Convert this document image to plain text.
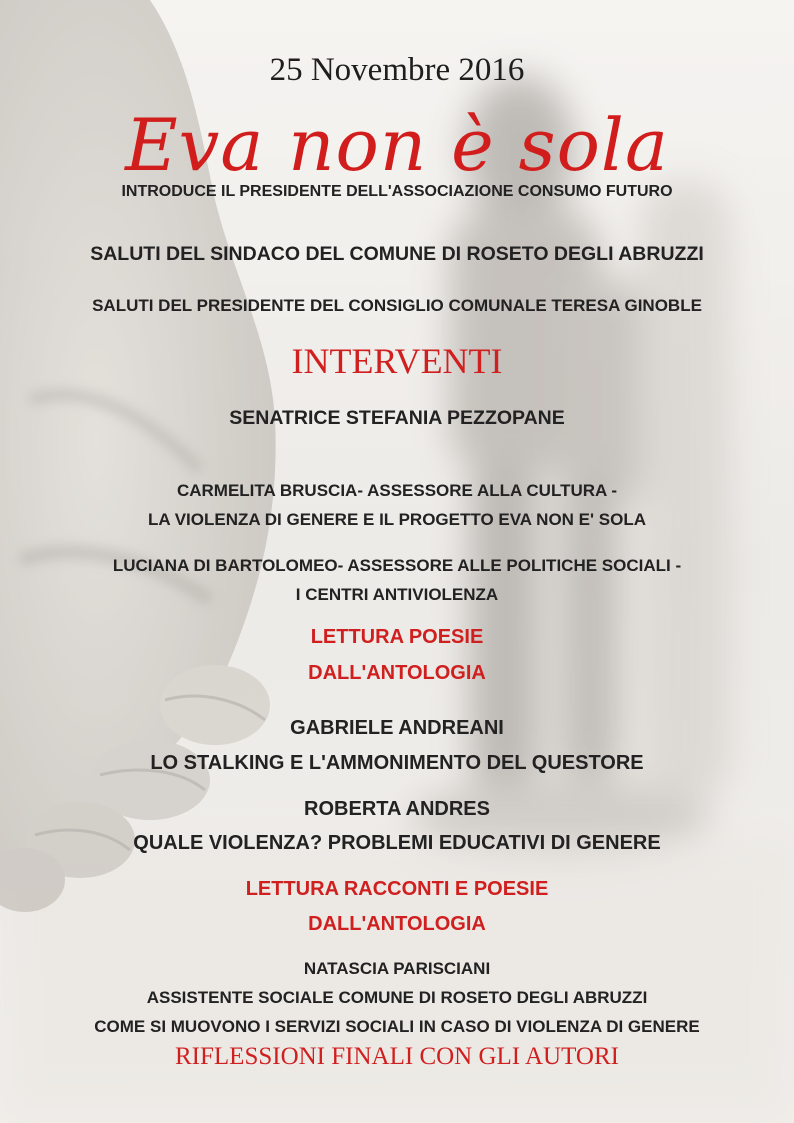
25 Novembre 2016
Eva non è sola
INTRODUCE IL PRESIDENTE DELL'ASSOCIAZIONE CONSUMO FUTURO
SALUTI DEL SINDACO DEL COMUNE DI ROSETO DEGLI ABRUZZI
SALUTI DEL PRESIDENTE DEL CONSIGLIO COMUNALE TERESA GINOBLE
INTERVENTI
SENATRICE STEFANIA PEZZOPANE
CARMELITA BRUSCIA- ASSESSORE ALLA CULTURA -
LA VIOLENZA DI GENERE E IL PROGETTO EVA NON E' SOLA
LUCIANA DI BARTOLOMEO- ASSESSORE ALLE POLITICHE SOCIALI -
I CENTRI ANTIVIOLENZA
LETTURA POESIE
DALL'ANTOLOGIA
GABRIELE ANDREANI
LO STALKING E L'AMMONIMENTO DEL QUESTORE
ROBERTA ANDRES
QUALE VIOLENZA? PROBLEMI EDUCATIVI DI GENERE
LETTURA RACCONTI E POESIE
DALL'ANTOLOGIA
NATASCIA PARISCIANI
ASSISTENTE SOCIALE COMUNE DI ROSETO DEGLI ABRUZZI
COME SI MUOVONO I SERVIZI SOCIALI IN CASO DI VIOLENZA DI GENERE
RIFLESSIONI FINALI CON GLI AUTORI
